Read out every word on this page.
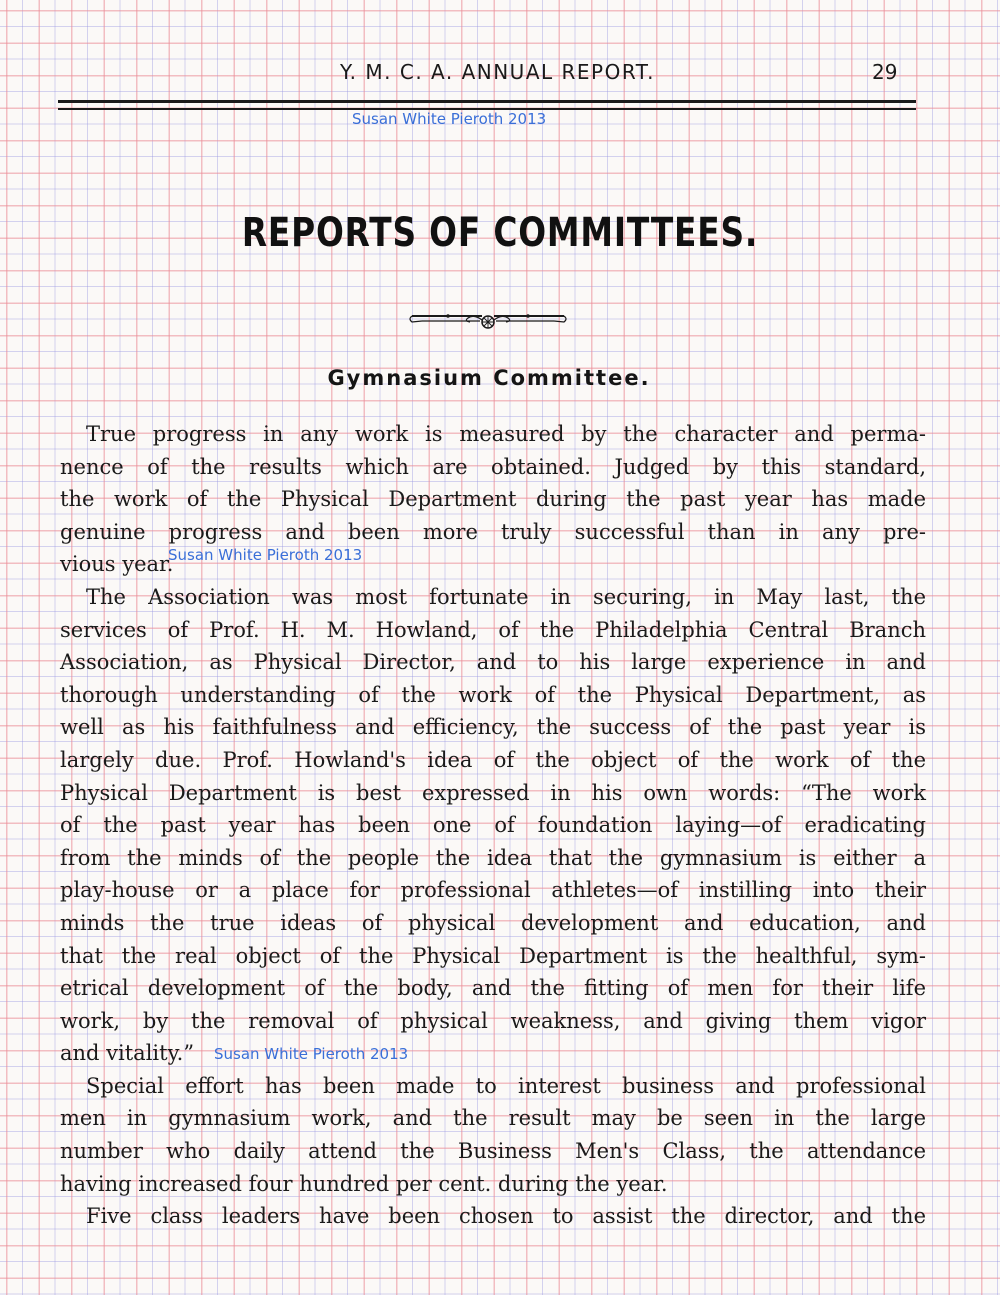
Y. M. C. A. ANNUAL REPORT.	29
Susan White Pieroth 2013
REPORTS OF COMMITTEES.
Gymnasium Committee.
True progress in any work is measured by the character and perma-
nence of the results which are obtained. Judged by this standard,
the work of the Physical Department during the past year has made
genuine progress and been more truly successful than in any pre-
vious year.
The Association was most fortunate in securing, in May last, the
services of Prof. H. M. Howland, of the Philadelphia Central Branch
Association, as Physical Director, and to his large experience in and
thorough understanding of the work of the Physical Department, as
well as his faithfulness and efficiency, the success of the past year is
largely due. Prof. Howland's idea of the object of the work of the
Physical Department is best expressed in his own words: “The work
of the past year has been one of foundation laying—of eradicating
from the minds of the people the idea that the gymnasium is either a
play-house or a place for professional athletes—of instilling into their
minds the true ideas of physical development and education, and
that the real object of the Physical Department is the healthful, sym-
etrical development of the body, and the fitting of men for their life
work, by the removal of physical weakness, and giving them vigor
and vitality.”
Special effort has been made to interest business and professional
men in gymnasium work, and the result may be seen in the large
number who daily attend the Business Men's Class, the attendance
having increased four hundred per cent. during the year.
Five class leaders have been chosen to assist the director, and the
Susan White Pieroth 2013
Susan White Pieroth 2013
